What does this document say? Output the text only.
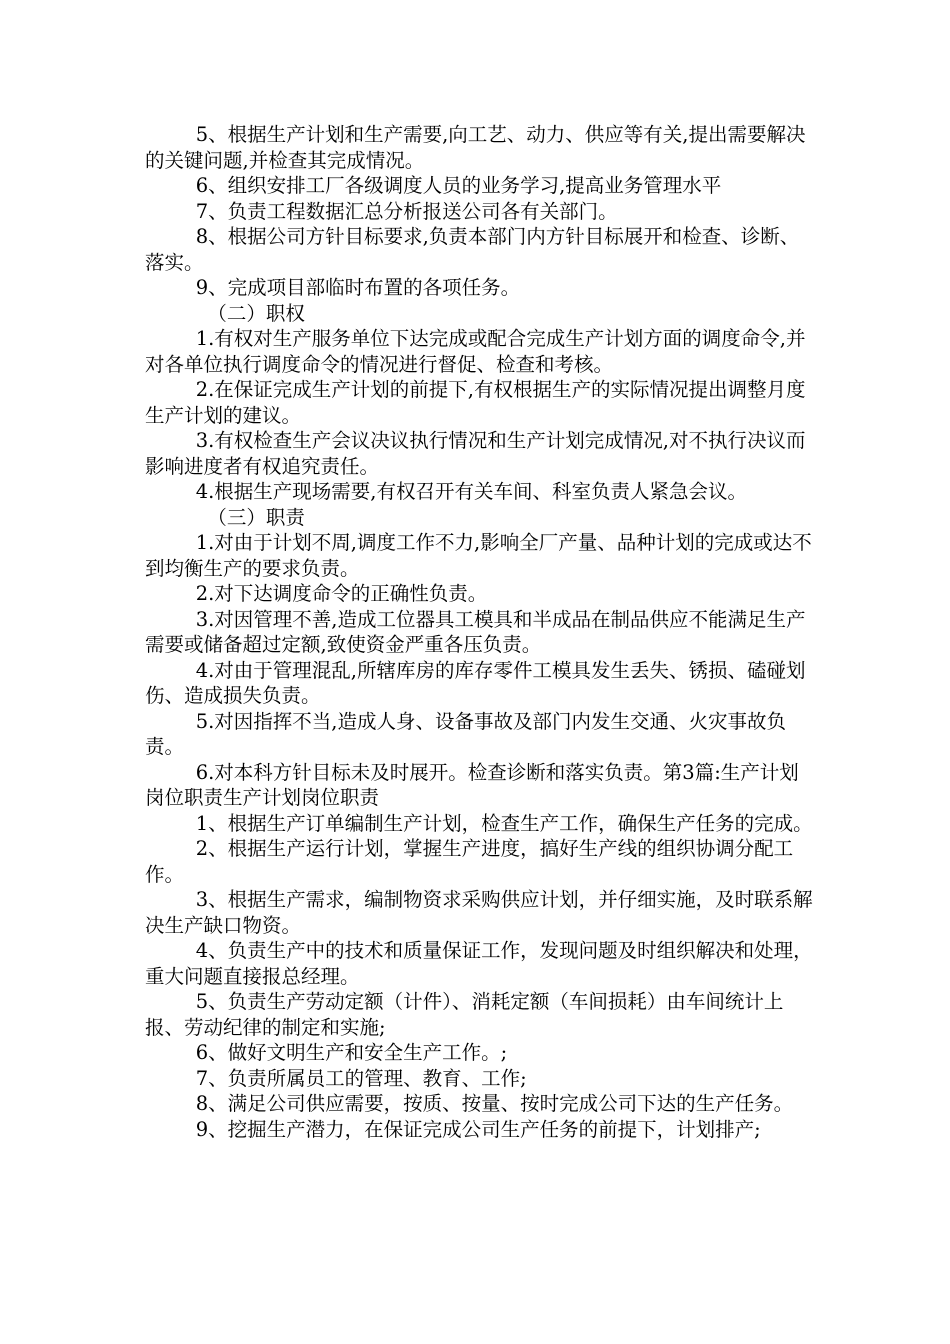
5、根据生产计划和生产需要,向工艺、动力、供应等有关,提出需要解决的关键问题,并检查其完成情况。

6、组织安排工厂各级调度人员的业务学习,提高业务管理水平

7、负责工程数据汇总分析报送公司各有关部门。

8、根据公司方针目标要求,负责本部门内方针目标展开和检查、诊断、落实。

9、完成项目部临时布置的各项任务。

（二）职权

1.有权对生产服务单位下达完成或配合完成生产计划方面的调度命令,并对各单位执行调度命令的情况进行督促、检查和考核。

2.在保证完成生产计划的前提下,有权根据生产的实际情况提出调整月度生产计划的建议。

3.有权检查生产会议决议执行情况和生产计划完成情况,对不执行决议而影响进度者有权追究责任。

4.根据生产现场需要,有权召开有关车间、科室负责人紧急会议。

（三）职责

1.对由于计划不周,调度工作不力,影响全厂产量、品种计划的完成或达不到均衡生产的要求负责。

2.对下达调度命令的正确性负责。

3.对因管理不善,造成工位器具工模具和半成品在制品供应不能满足生产需要或储备超过定额,致使资金严重各压负责。

4.对由于管理混乱,所辖库房的库存零件工模具发生丢失、锈损、磕碰划伤、造成损失负责。

5.对因指挥不当,造成人身、设备事故及部门内发生交通、火灾事故负责。

6.对本科方针目标未及时展开。检查诊断和落实负责。第3篇:生产计划岗位职责生产计划岗位职责

1、根据生产订单编制生产计划，检查生产工作，确保生产任务的完成。

2、根据生产运行计划，掌握生产进度，搞好生产线的组织协调分配工作。

3、根据生产需求，编制物资求采购供应计划，并仔细实施，及时联系解决生产缺口物资。

4、负责生产中的技术和质量保证工作，发现问题及时组织解决和处理，重大问题直接报总经理。

5、负责生产劳动定额（计件）、消耗定额（车间损耗）由车间统计上报、劳动纪律的制定和实施;

6、做好文明生产和安全生产工作。;

7、负责所属员工的管理、教育、工作;

8、满足公司供应需要，按质、按量、按时完成公司下达的生产任务。

9、挖掘生产潜力，在保证完成公司生产任务的前提下，计划排产;
